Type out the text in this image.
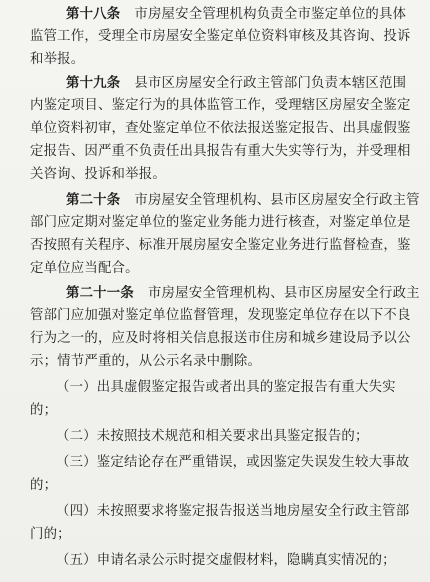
第十八条 市房屋安全管理机构负责全市鉴定单位的具体
监管工作，受理全市房屋安全鉴定单位资料审核及其咨询、投诉
和举报。
第十九条 县市区房屋安全行政主管部门负责本辖区范围
内鉴定项目、鉴定行为的具体监管工作，受理辖区房屋安全鉴定
单位资料初审，查处鉴定单位不依法报送鉴定报告、出具虚假鉴
定报告、因严重不负责任出具报告有重大失实等行为，并受理相
关咨询、投诉和举报。
第二十条 市房屋安全管理机构、县市区房屋安全行政主管
部门应定期对鉴定单位的鉴定业务能力进行核查，对鉴定单位是
否按照有关程序、标准开展房屋安全鉴定业务进行监督检查，鉴
定单位应当配合。
第二十一条 市房屋安全管理机构、县市区房屋安全行政主
管部门应加强对鉴定单位监督管理，发现鉴定单位存在以下不良
行为之一的，应及时将相关信息报送市住房和城乡建设局予以公
示；情节严重的，从公示名录中删除。
（一）出具虚假鉴定报告或者出具的鉴定报告有重大失实
的；
（二）未按照技术规范和相关要求出具鉴定报告的；
（三）鉴定结论存在严重错误，或因鉴定失误发生较大事故
的；
（四）未按照要求将鉴定报告报送当地房屋安全行政主管部
门的；
（五）申请名录公示时提交虚假材料，隐瞒真实情况的；
